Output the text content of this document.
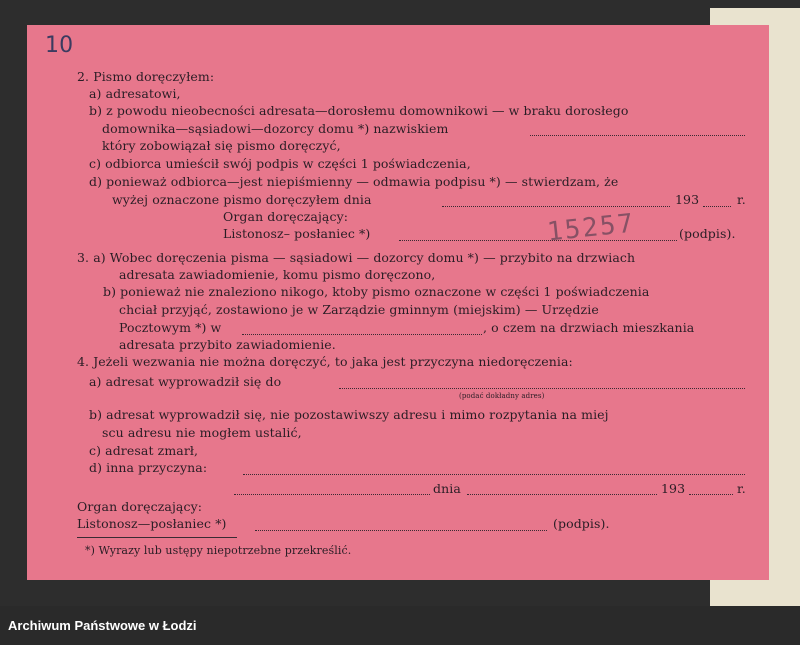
10
15257
2. Pismo doręczyłem:
a) adresatowi,
b) z powodu nieobecności adresata—dorosłemu domownikowi — w braku dorosłego
domownika—sąsiadowi—dozorcy domu *) nazwiskiem
który zobowiązał się pismo doręczyć,
c) odbiorca umieścił swój podpis w części 1 poświadczenia,
d) ponieważ odbiorca—jest niepiśmienny — odmawia podpisu *) — stwierdzam, że
wyżej oznaczone pismo doręczyłem dnia	193	r.
Organ doręczający:
Listonosz– posłaniec *)	(podpis).
3. a) Wobec doręczenia pisma — sąsiadowi — dozorcy domu *) — przybito na drzwiach
adresata zawiadomienie, komu pismo doręczono,
b) ponieważ nie znaleziono nikogo, ktoby pismo oznaczone w części 1 poświadczenia
chciał przyjąć, zostawiono je w Zarządzie gminnym (miejskim) — Urzędzie
Pocztowym *) w	, o czem na drzwiach mieszkania
adresata przybito zawiadomienie.
4. Jeżeli wezwania nie można doręczyć, to jaka jest przyczyna niedoręczenia:
a) adresat wyprowadził się do
(podać dokładny adres)
b) adresat wyprowadził się, nie pozostawiwszy adresu i mimo rozpytania na miej
scu adresu nie mogłem ustalić,
c) adresat zmarł,
d) inna przyczyna:
dnia	193	r.
Organ doręczający:
Listonosz—posłaniec *)	(podpis).
*) Wyrazy lub ustępy niepotrzebne przekreślić.
Archiwum Państwowe w Łodzi
